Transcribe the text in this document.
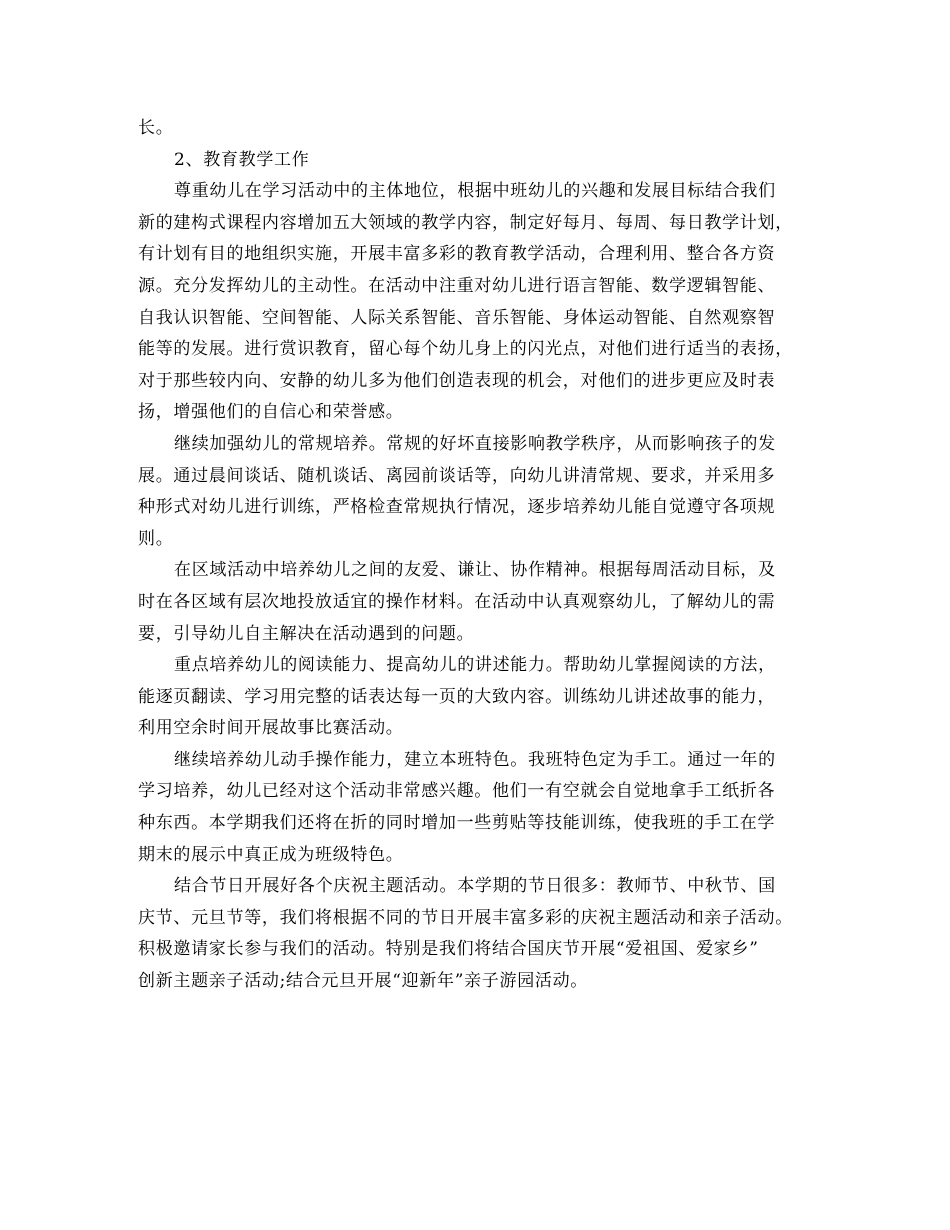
长。
2、教育教学工作
尊重幼儿在学习活动中的主体地位，根据中班幼儿的兴趣和发展目标结合我们
新的建构式课程内容增加五大领域的教学内容，制定好每月、每周、每日教学计划，
有计划有目的地组织实施，开展丰富多彩的教育教学活动，合理利用、整合各方资
源。充分发挥幼儿的主动性。在活动中注重对幼儿进行语言智能、数学逻辑智能、
自我认识智能、空间智能、人际关系智能、音乐智能、身体运动智能、自然观察智
能等的发展。进行赏识教育，留心每个幼儿身上的闪光点，对他们进行适当的表扬，
对于那些较内向、安静的幼儿多为他们创造表现的机会，对他们的进步更应及时表
扬，增强他们的自信心和荣誉感。
继续加强幼儿的常规培养。常规的好坏直接影响教学秩序，从而影响孩子的发
展。通过晨间谈话、随机谈话、离园前谈话等，向幼儿讲清常规、要求，并采用多
种形式对幼儿进行训练，严格检查常规执行情况，逐步培养幼儿能自觉遵守各项规
则。
在区域活动中培养幼儿之间的友爱、谦让、协作精神。根据每周活动目标，及
时在各区域有层次地投放适宜的操作材料。在活动中认真观察幼儿，了解幼儿的需
要，引导幼儿自主解决在活动遇到的问题。
重点培养幼儿的阅读能力、提高幼儿的讲述能力。帮助幼儿掌握阅读的方法，
能逐页翻读、学习用完整的话表达每一页的大致内容。训练幼儿讲述故事的能力，
利用空余时间开展故事比赛活动。
继续培养幼儿动手操作能力，建立本班特色。我班特色定为手工。通过一年的
学习培养，幼儿已经对这个活动非常感兴趣。他们一有空就会自觉地拿手工纸折各
种东西。本学期我们还将在折的同时增加一些剪贴等技能训练，使我班的手工在学
期末的展示中真正成为班级特色。
结合节日开展好各个庆祝主题活动。本学期的节日很多：教师节、中秋节、国
庆节、元旦节等，我们将根据不同的节日开展丰富多彩的庆祝主题活动和亲子活动。
积极邀请家长参与我们的活动。特别是我们将结合国庆节开展“爱祖国、爱家乡”
创新主题亲子活动;结合元旦开展“迎新年”亲子游园活动。
